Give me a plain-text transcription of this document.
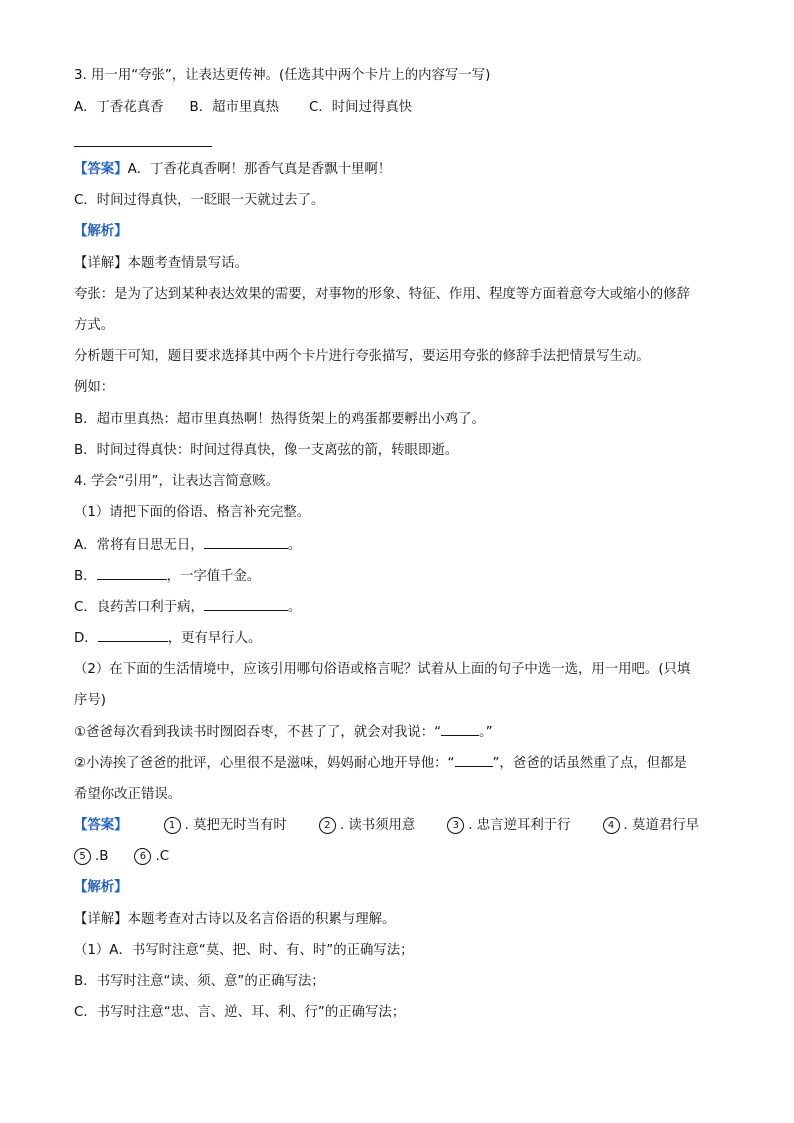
3. 用一用“夸张”，让表达更传神。(任选其中两个卡片上的内容写一写)
A．丁香花真香 B．超市里真热 C．时间过得真快
【答案】A．丁香花真香啊！那香气真是香飘十里啊！
C．时间过得真快，一眨眼一天就过去了。
【解析】
【详解】本题考查情景写话。
夸张：是为了达到某种表达效果的需要，对事物的形象、特征、作用、程度等方面着意夸大或缩小的修辞
方式。
分析题干可知，题目要求选择其中两个卡片进行夸张描写，要运用夸张的修辞手法把情景写生动。
例如：
B．超市里真热：超市里真热啊！热得货架上的鸡蛋都要孵出小鸡了。
B．时间过得真快：时间过得真快，像一支离弦的箭，转眼即逝。
4. 学会“引用”，让表达言简意赅。
（1）请把下面的俗语、格言补充完整。
A．常将有日思无日，	。
B．	，一字值千金。
C．良药苦口利于病，	。
D．	，更有早行人。
（2）在下面的生活情境中，应该引用哪句俗语或格言呢？试着从上面的句子中选一选，用一用吧。(只填
序号)
①爸爸每次看到我读书时囫囵吞枣，不甚了了，就会对我说：“	。”
②小涛挨了爸爸的批评，心里很不是滋味，妈妈耐心地开导他：“	”，爸爸的话虽然重了点，但都是
希望你改正错误。
【答案】	1 . 莫把无时当有时	2 . 读书须用意	3 . 忠言逆耳利于行	4 . 莫道君行早
5 .B	6 .C
【解析】
【详解】本题考查对古诗以及名言俗语的积累与理解。
（1）A．书写时注意“莫、把、时、有、时”的正确写法；
B．书写时注意“读、须、意”的正确写法；
C．书写时注意“忠、言、逆、耳、利、行”的正确写法；
